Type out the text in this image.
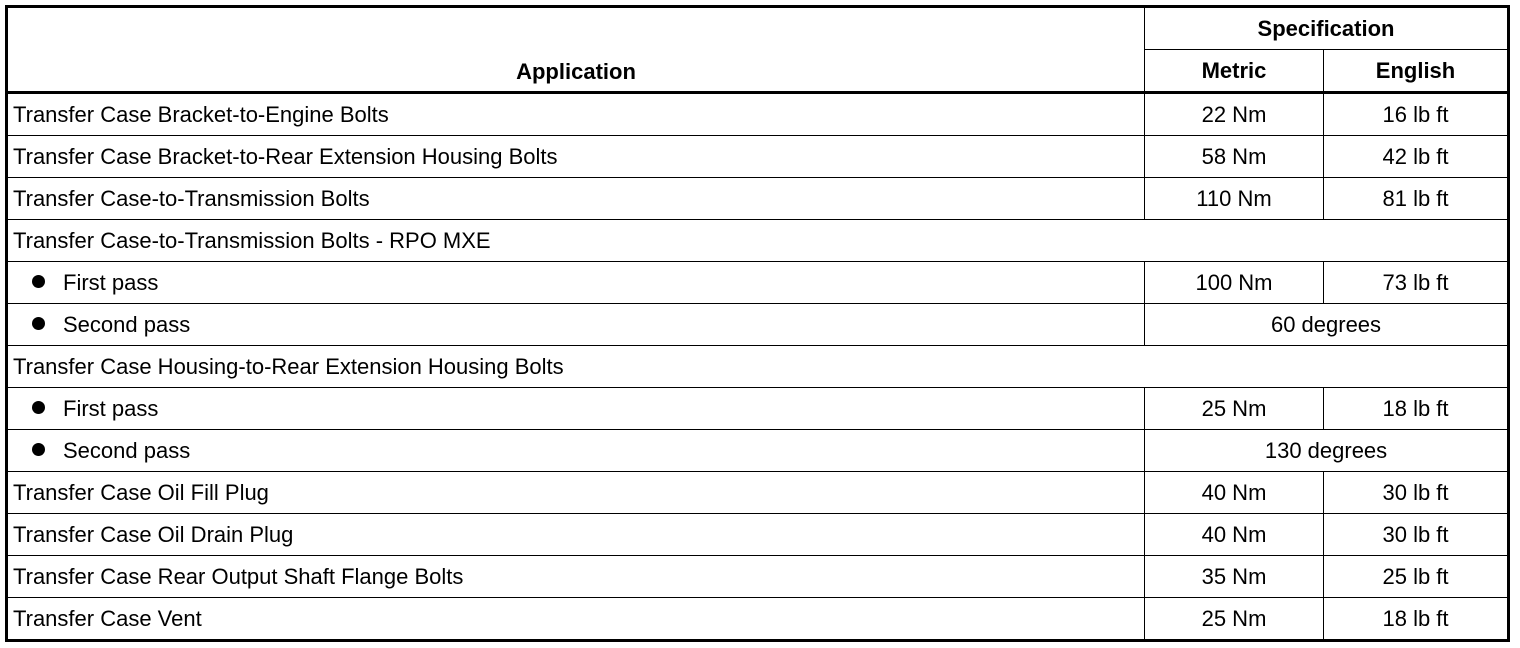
Application	Specification	
	Metric	English
Transfer Case Bracket-to-Engine Bolts	22 Nm	16 lb ft
Transfer Case Bracket-to-Rear Extension Housing Bolts	58 Nm	42 lb ft
Transfer Case-to-Transmission Bolts	110 Nm	81 lb ft
Transfer Case-to-Transmission Bolts - RPO MXE		
First pass	100 Nm	73 lb ft
Second pass	60 degrees	
Transfer Case Housing-to-Rear Extension Housing Bolts		
First pass	25 Nm	18 lb ft
Second pass	130 degrees	
Transfer Case Oil Fill Plug	40 Nm	30 lb ft
Transfer Case Oil Drain Plug	40 Nm	30 lb ft
Transfer Case Rear Output Shaft Flange Bolts	35 Nm	25 lb ft
Transfer Case Vent	25 Nm	18 lb ft
